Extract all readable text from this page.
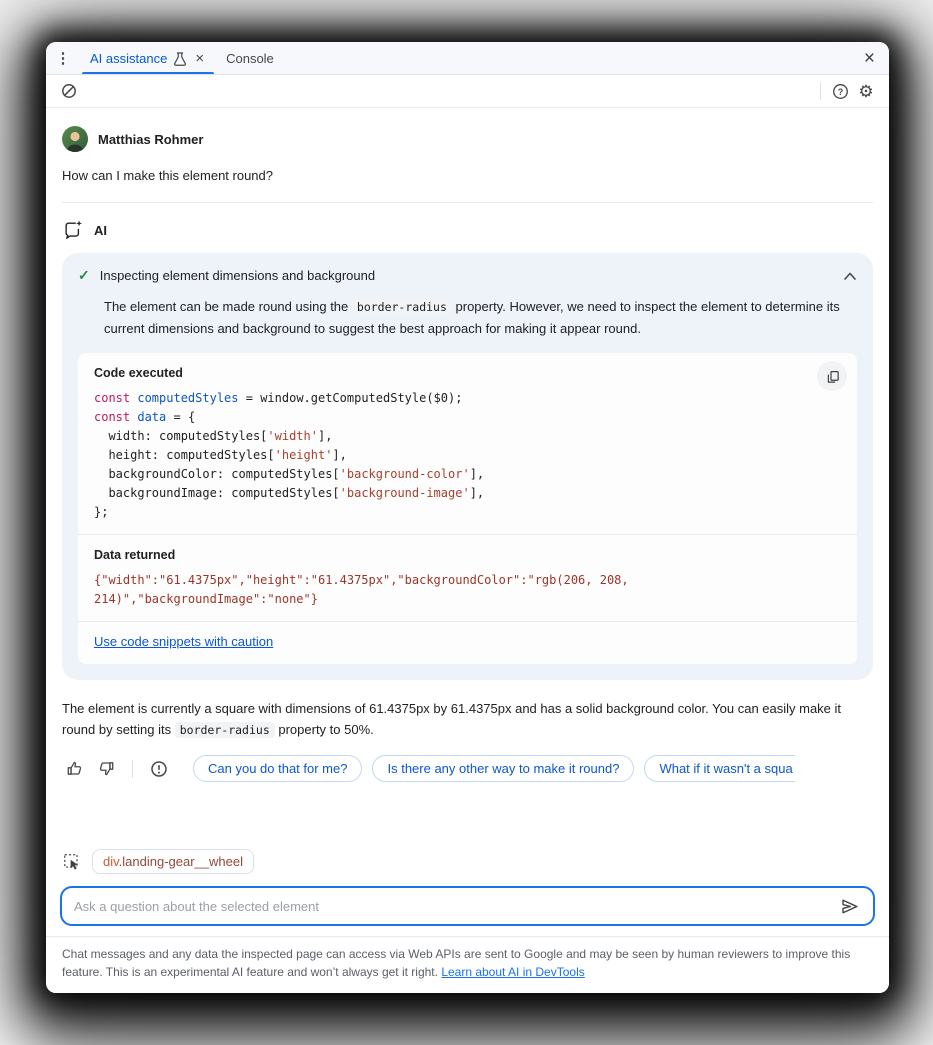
⋮ AI assistance × Console	×
? ⚙
Matthias Rohmer
How can I make this element round?
AI
✓ Inspecting element dimensions and background
The element can be made round using the border-radius property. However, we need to inspect the element to determine its current dimensions and background to suggest the best approach for making it appear round.
Code executed
const computedStyles = window.getComputedStyle($0);
const data = {
width: computedStyles['width'],
height: computedStyles['height'],
backgroundColor: computedStyles['background-color'],
backgroundImage: computedStyles['background-image'],
};
Data returned
{"width":"61.4375px","height":"61.4375px","backgroundColor":"rgb(206, 208, 214)","backgroundImage":"none"}
Use code snippets with caution
The element is currently a square with dimensions of 61.4375px by 61.4375px and has a solid background color. You can easily make it round by setting its border-radius property to 50%.
Can you do that for me?	Is there any other way to make it round?	What if it wasn't a squa
div.landing-gear__wheel
Ask a question about the selected element
Chat messages and any data the inspected page can access via Web APIs are sent to Google and may be seen by human reviewers to improve this feature. This is an experimental AI feature and won’t always get it right. Learn about AI in DevTools
